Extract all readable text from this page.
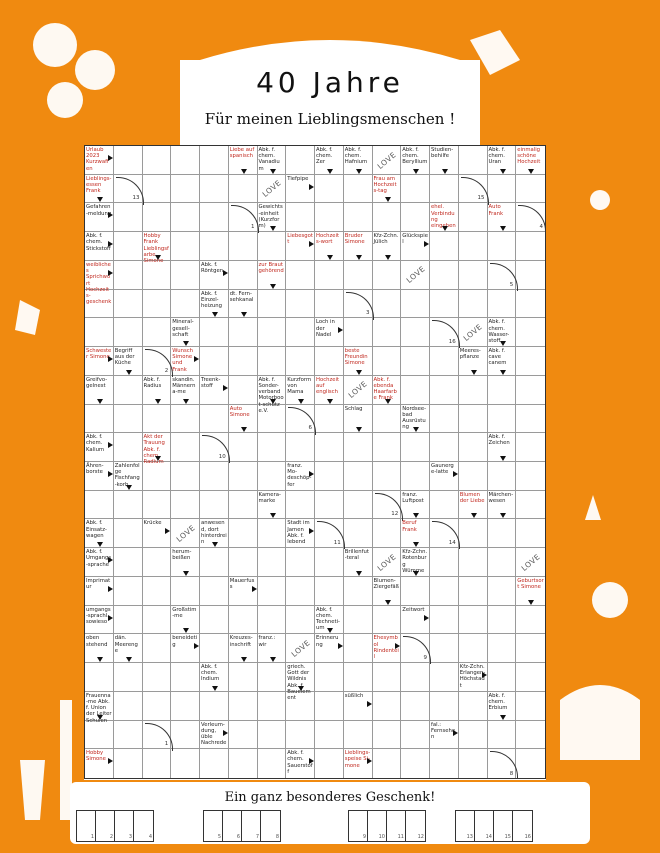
40 Jahre
Für meinen Lieblingsmenschen !
Urlaub 2023 Kurzwaffen
Liebe auf spanisch
Abk. f. chem. Vanadium
Abk. f. chem. Zer
Abk. f. chem. Hafnium	LOVE Abk. f. chem. Beryllium
Studien-behilfe
Abk. f. chem. Uran
einmalig schöne Hochzeit
Lieblings-essen Frank
13	LOVE Tiefpipe	Frau am Hochzeits-tag
15
Gefahren-meldung
1
Gewichts-einheit (Kurzform)
ehel. Verbindung eingehen
Auto Frank
4
Abk. f. chem. Stickstoff
Hobby Frank Lieblingsfarbe Simone
Liebesgott
Hochzeits-wort
Bruder Simone
Kfz-Zchn. Jülich
Glückspiel
weibliches Sprichwort Hochzeits-geschenk
Abk. f. Röntgen
zur Braut gehörend	LOVE	5
Abk. f. Einzel-heizung
dt. Fern-sehkanal
3
Mineral-gesell-schaft
Loch in der Nadel
16 LOVE Abk. f. chem. Wasser-stoff
Schwester Simone
Begriff aus der Küche
2
Wunsch Simone und Frank
beste Freundin Simone
Meeres-pflanze
Abk. f. cave canem
Greifvo-gelnest
Abk. f. Radius
skandin. Männerna-me
Treenk-stoff
Abk. f. Sonder-verband Motorboot-schutz e.V.
Kurzform von Mama
Hochzeit auf englisch	LOVE Abk. f. ebenda Haarfarbe Frank
Auto Simone
6
Schlag	Nordsee-bad Ausrüstung
Abk. f. chem. Kalium
Akt der Trauung Abk. f. chem. Radium
10
Abk. f. Zeichen
Ähren-borste
Zahlenfolge Fischfang-korb
franz. Mo-deschöp-fer
Gaunerge-latte
Kamera-marke
12
franz. Luftpost
Blumen der Liebe
Märchen-wesen
Abk. f. Einsatz-wagen
Krücke	LOVE anwesend, dort hinterdrein
Stadt im Jamen Abk. f. lebend	11
Beruf Frank
14
Abk. f. Umgangs-sprache
herum-beißen
Brillenfut-teral	LOVE Kfz-Zchn. Rotenburg Wümme	LOVE
Imprimatur
Mauerfuss
Blumen-Ziergefäß
Geburtsort Simone
umgangs-sprachl. sowieso
Großstim-me
Abk. f. chem. Techneti-um
Zeitwort
oben stehend
dän. Meerenge
beneidetig
Kreuzes-inschrift
franz.: wir	LOVE Erinnerung
Ehesymbol Rindenteil	9
Abk. f. chem. Indium
griech. Gott der Wildnis Abk. f. Bauelement
Kfz-Zchn. Erlangen-Höchstadt
Frauenna-me Abk. f. Union der Leiter Schulen
süßlich	Abk. f. chem. Erbium
1
Verleum-dung, üble Nachrede
fal.: Fernsehen
Hobby Simone
Abk. f. chem. Sauerstoff
Lieblings-speise Si-mone
8
Ein ganz besonderes Geschenk!
1	2	3	4	5	6	7	8	9	10	11	12	13	14	15	16
